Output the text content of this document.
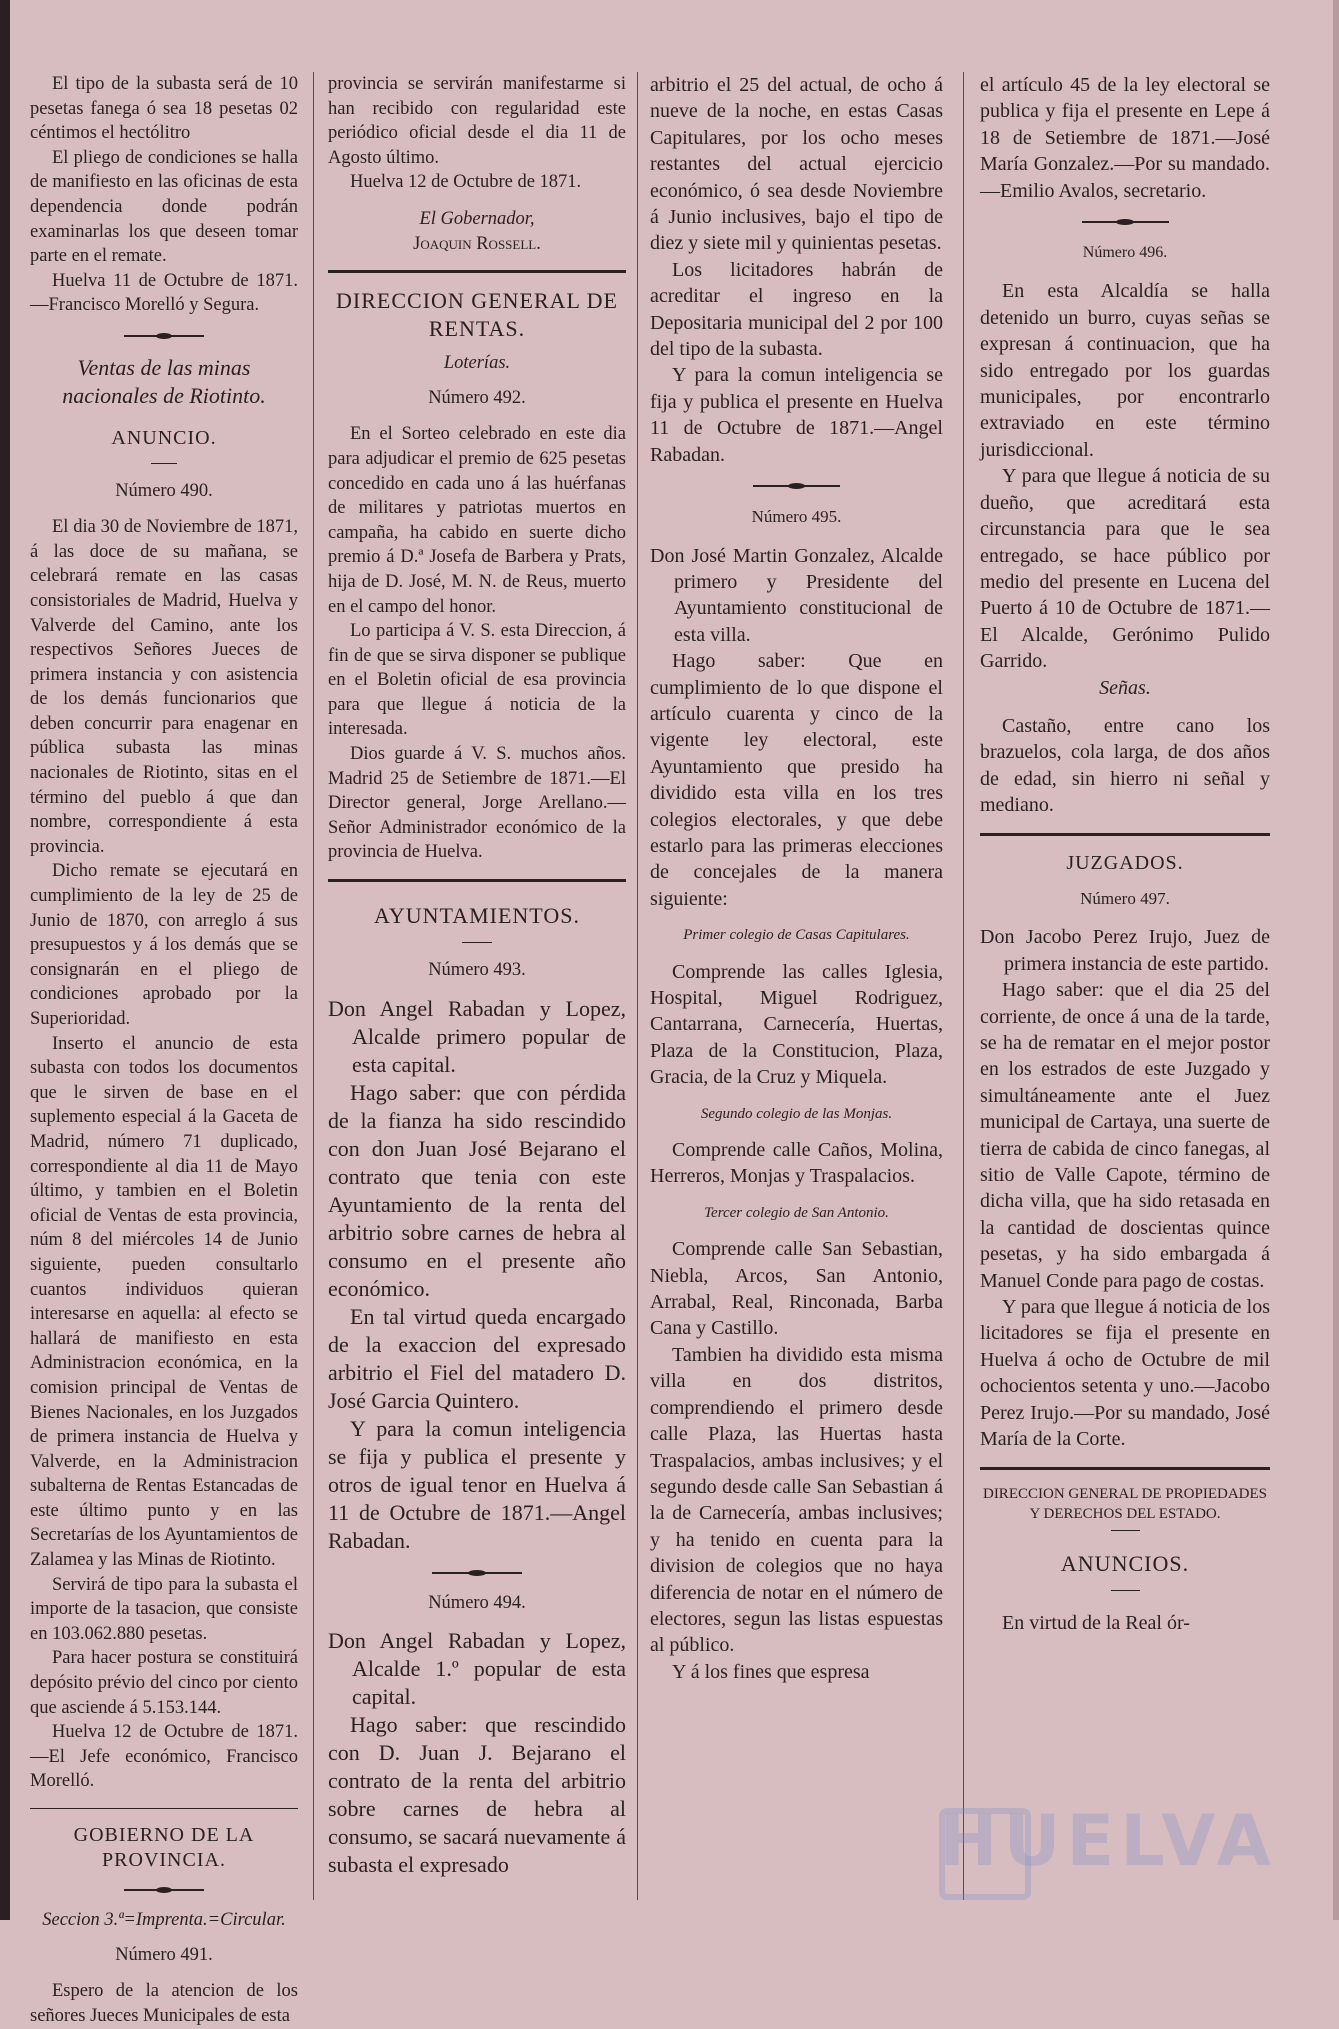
El tipo de la subasta será de 10 pesetas fanega ó sea 18 pesetas 02 céntimos el hectólitro

El pliego de condiciones se halla de manifiesto en las oficinas de esta dependencia donde podrán examinarlas los que deseen tomar parte en el remate.

Huelva 11 de Octubre de 1871. —Francisco Morelló y Segura.

Ventas de las minas nacionales de Riotinto.

ANUNCIO.

Número 490.

El dia 30 de Noviembre de 1871, á las doce de su mañana, se celebrará remate en las casas consistoriales de Madrid, Huelva y Valverde del Camino, ante los respectivos Señores Jueces de primera instancia y con asistencia de los demás funcionarios que deben concurrir para enagenar en pública subasta las minas nacionales de Riotinto, sitas en el término del pueblo á que dan nombre, correspondiente á esta provincia.

Dicho remate se ejecutará en cumplimiento de la ley de 25 de Junio de 1870, con arreglo á sus presupuestos y á los demás que se consignarán en el pliego de condiciones aprobado por la Superioridad.

Inserto el anuncio de esta subasta con todos los documentos que le sirven de base en el suplemento especial á la Gaceta de Madrid, número 71 duplicado, correspondiente al dia 11 de Mayo último, y tambien en el Boletin oficial de Ventas de esta provincia, núm 8 del miércoles 14 de Junio siguiente, pueden consultarlo cuantos individuos quieran interesarse en aquella: al efecto se hallará de manifiesto en esta Administracion económica, en la comision principal de Ventas de Bienes Nacionales, en los Juzgados de primera instancia de Huelva y Valverde, en la Administracion subalterna de Rentas Estancadas de este último punto y en las Secretarías de los Ayuntamientos de Zalamea y las Minas de Riotinto.

Servirá de tipo para la subasta el importe de la tasacion, que consiste en 103.062.880 pesetas.

Para hacer postura se constituirá depósito prévio del cinco por ciento que asciende á 5.153.144.

Huelva 12 de Octubre de 1871. —El Jefe económico, Francisco Morelló.

GOBIERNO DE LA PROVINCIA.

Seccion 3.ª=Imprenta.=Circular.

Número 491.

Espero de la atencion de los señores Jueces Municipales de esta

provincia se servirán manifestarme si han recibido con regularidad este periódico oficial desde el dia 11 de Agosto último.

Huelva 12 de Octubre de 1871.

El Gobernador,

Joaquin Rossell.

DIRECCION GENERAL DE RENTAS.

Loterías.

Número 492.

En el Sorteo celebrado en este dia para adjudicar el premio de 625 pesetas concedido en cada uno á las huérfanas de militares y patriotas muertos en campaña, ha cabido en suerte dicho premio á D.ª Josefa de Barbera y Prats, hija de D. José, M. N. de Reus, muerto en el campo del honor.

Lo participa á V. S. esta Direccion, á fin de que se sirva disponer se publique en el Boletin oficial de esa provincia para que llegue á noticia de la interesada.

Dios guarde á V. S. muchos años. Madrid 25 de Setiembre de 1871.—El Director general, Jorge Arellano.—Señor Administrador económico de la provincia de Huelva.

AYUNTAMIENTOS.

Número 493.

Don Angel Rabadan y Lopez, Alcalde primero popular de esta capital.

Hago saber: que con pérdida de la fianza ha sido rescindido con don Juan José Bejarano el contrato que tenia con este Ayuntamiento de la renta del arbitrio sobre carnes de hebra al consumo en el presente año económico.

En tal virtud queda encargado de la exaccion del expresado arbitrio el Fiel del matadero D. José Garcia Quintero.

Y para la comun inteligencia se fija y publica el presente y otros de igual tenor en Huelva á 11 de Octubre de 1871.—Angel Rabadan.

Número 494.

Don Angel Rabadan y Lopez, Alcalde 1.º popular de esta capital.

Hago saber: que rescindido con D. Juan J. Bejarano el contrato de la renta del arbitrio sobre carnes de hebra al consumo, se sacará nuevamente á subasta el expresado

arbitrio el 25 del actual, de ocho á nueve de la noche, en estas Casas Capitulares, por los ocho meses restantes del actual ejercicio económico, ó sea desde Noviembre á Junio inclusives, bajo el tipo de diez y siete mil y quinientas pesetas.

Los licitadores habrán de acreditar el ingreso en la Depositaria municipal del 2 por 100 del tipo de la subasta.

Y para la comun inteligencia se fija y publica el presente en Huelva 11 de Octubre de 1871.—Angel Rabadan.

Número 495.

Don José Martin Gonzalez, Alcalde primero y Presidente del Ayuntamiento constitucional de esta villa.

Hago saber: Que en cumplimiento de lo que dispone el artículo cuarenta y cinco de la vigente ley electoral, este Ayuntamiento que presido ha dividido esta villa en los tres colegios electorales, y que debe estarlo para las primeras elecciones de concejales de la manera siguiente:

Primer colegio de Casas Capitulares.

Comprende las calles Iglesia, Hospital, Miguel Rodriguez, Cantarrana, Carnecería, Huertas, Plaza de la Constitucion, Plaza, Gracia, de la Cruz y Miquela.

Segundo colegio de las Monjas.

Comprende calle Caños, Molina, Herreros, Monjas y Traspalacios.

Tercer colegio de San Antonio.

Comprende calle San Sebastian, Niebla, Arcos, San Antonio, Arrabal, Real, Rinconada, Barba Cana y Castillo.

Tambien ha dividido esta misma villa en dos distritos, comprendiendo el primero desde calle Plaza, las Huertas hasta Traspalacios, ambas inclusives; y el segundo desde calle San Sebastian á la de Carnecería, ambas inclusives; y ha tenido en cuenta para la division de colegios que no haya diferencia de notar en el número de electores, segun las listas espuestas al público.

Y á los fines que espresa

el artículo 45 de la ley electoral se publica y fija el presente en Lepe á 18 de Setiembre de 1871.—José María Gonzalez.—Por su mandado.—Emilio Avalos, secretario.

Número 496.

En esta Alcaldía se halla detenido un burro, cuyas señas se expresan á continuacion, que ha sido entregado por los guardas municipales, por encontrarlo extraviado en este término jurisdiccional.

Y para que llegue á noticia de su dueño, que acreditará esta circunstancia para que le sea entregado, se hace público por medio del presente en Lucena del Puerto á 10 de Octubre de 1871.—El Alcalde, Gerónimo Pulido Garrido.

Señas.

Castaño, entre cano los brazuelos, cola larga, de dos años de edad, sin hierro ni señal y mediano.

JUZGADOS.

Número 497.

Don Jacobo Perez Irujo, Juez de primera instancia de este partido.

Hago saber: que el dia 25 del corriente, de once á una de la tarde, se ha de rematar en el mejor postor en los estrados de este Juzgado y simultáneamente ante el Juez municipal de Cartaya, una suerte de tierra de cabida de cinco fanegas, al sitio de Valle Capote, término de dicha villa, que ha sido retasada en la cantidad de doscientas quince pesetas, y ha sido embargada á Manuel Conde para pago de costas.

Y para que llegue á noticia de los licitadores se fija el presente en Huelva á ocho de Octubre de mil ochocientos setenta y uno.—Jacobo Perez Irujo.—Por su mandado, José María de la Corte.

DIRECCION GENERAL DE PROPIEDADES Y DERECHOS DEL ESTADO.

ANUNCIOS.

En virtud de la Real ór-

HUELVA
